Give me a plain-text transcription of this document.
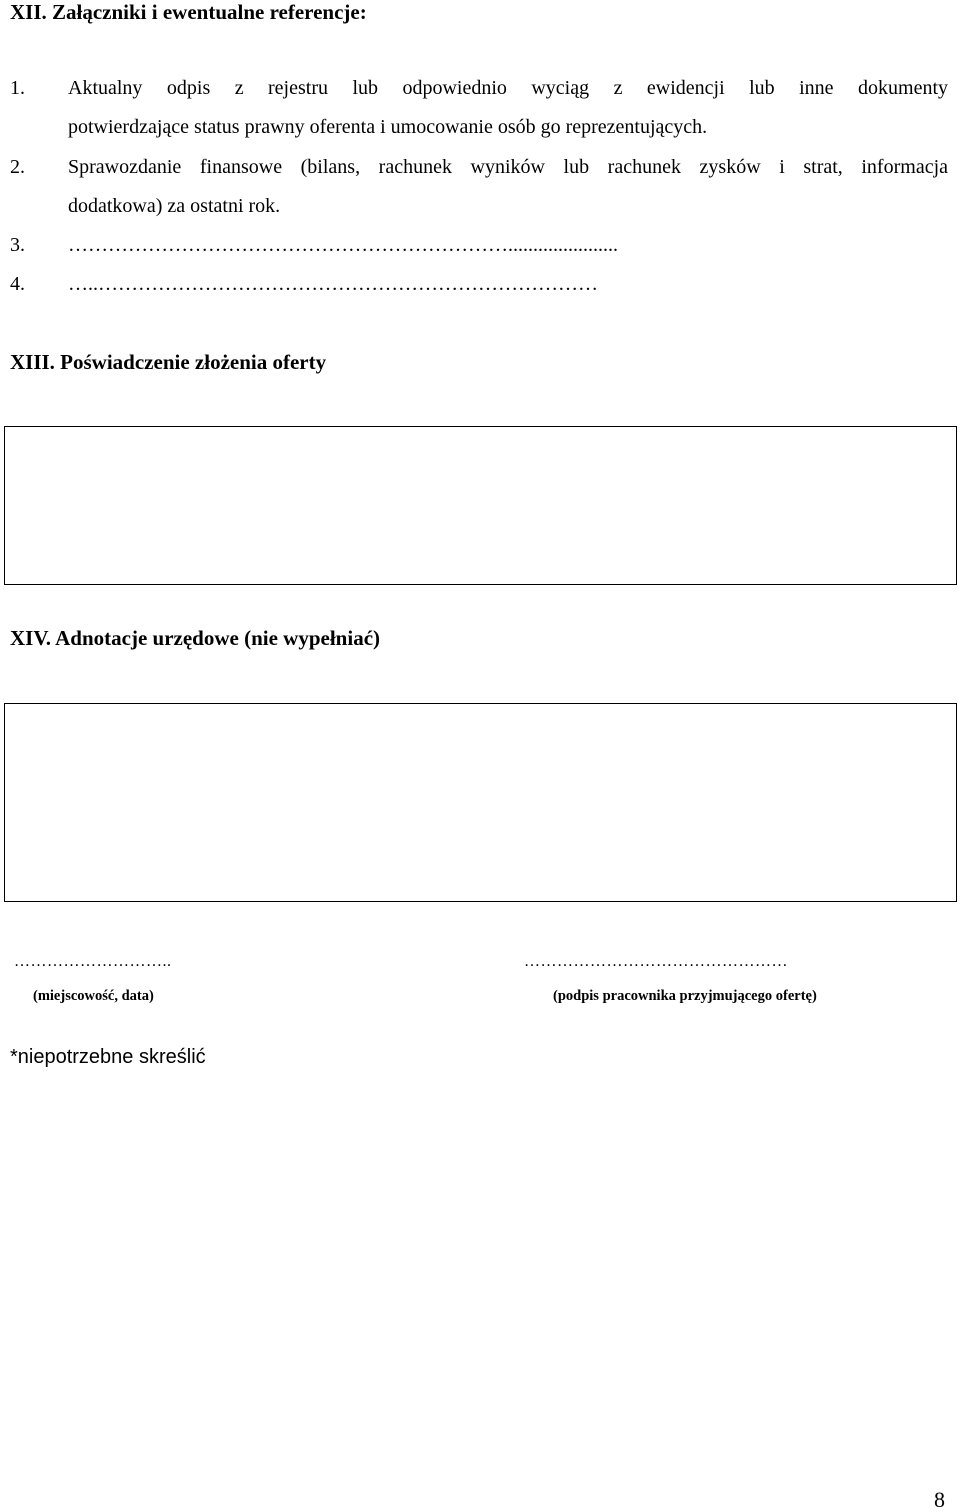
XII. Załączniki i ewentualne referencje:
1. Aktualny odpis z rejestru lub odpowiednio wyciąg z ewidencji lub inne dokumenty
potwierdzające status prawny oferenta i umocowanie osób go reprezentujących.
2. Sprawozdanie finansowe (bilans, rachunek wyników lub rachunek zysków i strat, informacja
dodatkowa) za ostatni rok.
3. …………………………………………………………......................
4. …..…………………………………………………………………
XIII. Poświadczenie złożenia oferty
XIV. Adnotacje urzędowe (nie wypełniać)
………………………..
(miejscowość, data)
…………………………………………
(podpis pracownika przyjmującego ofertę)
*niepotrzebne skreślić
8
